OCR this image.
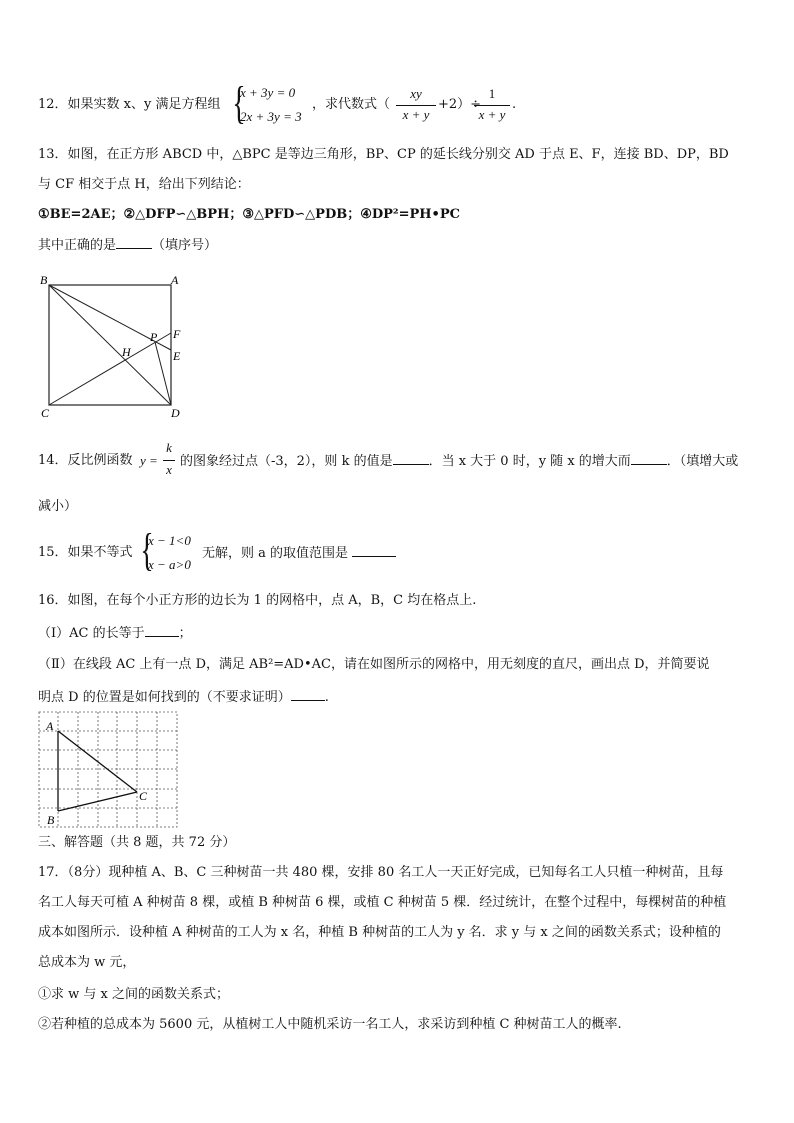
12．如果实数 x、y 满足方程组 {
x + 3y = 0
2x + 3y = 3
，求代数式（
xy
x + y
+2）÷
1
x + y
.
13．如图，在正方形 ABCD 中，△BPC 是等边三角形，BP、CP 的延长线分别交 AD 于点 E、F，连接 BD、DP，BD
与 CF 相交于点 H，给出下列结论：
①BE=2AE；②△DFP∽△BPH；③△PFD∽△PDB；④DP²=PH•PC
其中正确的是	（填序号）
B	A
P F
H	E
C	D
14．反比例函数 y =
k
x
的图象经过点（-3，2），则 k 的值是	．当 x 大于 0 时，y 随 x 的增大而	．（填增大或
减小）
15．如果不等式 {
x − 1<0
x − a>0
无解，则 a 的取值范围是
16．如图，在每个小正方形的边长为 1 的网格中，点 A，B，C 均在格点上.
（Ⅰ）AC 的长等于	；
（Ⅱ）在线段 AC 上有一点 D，满足 AB²=AD•AC，请在如图所示的网格中，用无刻度的直尺，画出点 D，并简要说
明点 D 的位置是如何找到的（不要求证明）	.
A
B
C
三、解答题（共 8 题，共 72 分）
17．（8分）现种植 A、B、C 三种树苗一共 480 棵，安排 80 名工人一天正好完成，已知每名工人只植一种树苗，且每
名工人每天可植 A 种树苗 8 棵，或植 B 种树苗 6 棵，或植 C 种树苗 5 棵．经过统计，在整个过程中，每棵树苗的种植
成本如图所示．设种植 A 种树苗的工人为 x 名，种植 B 种树苗的工人为 y 名．求 y 与 x 之间的函数关系式；设种植的
总成本为 w 元，
①求 w 与 x 之间的函数关系式；
②若种植的总成本为 5600 元，从植树工人中随机采访一名工人，求采访到种植 C 种树苗工人的概率.
